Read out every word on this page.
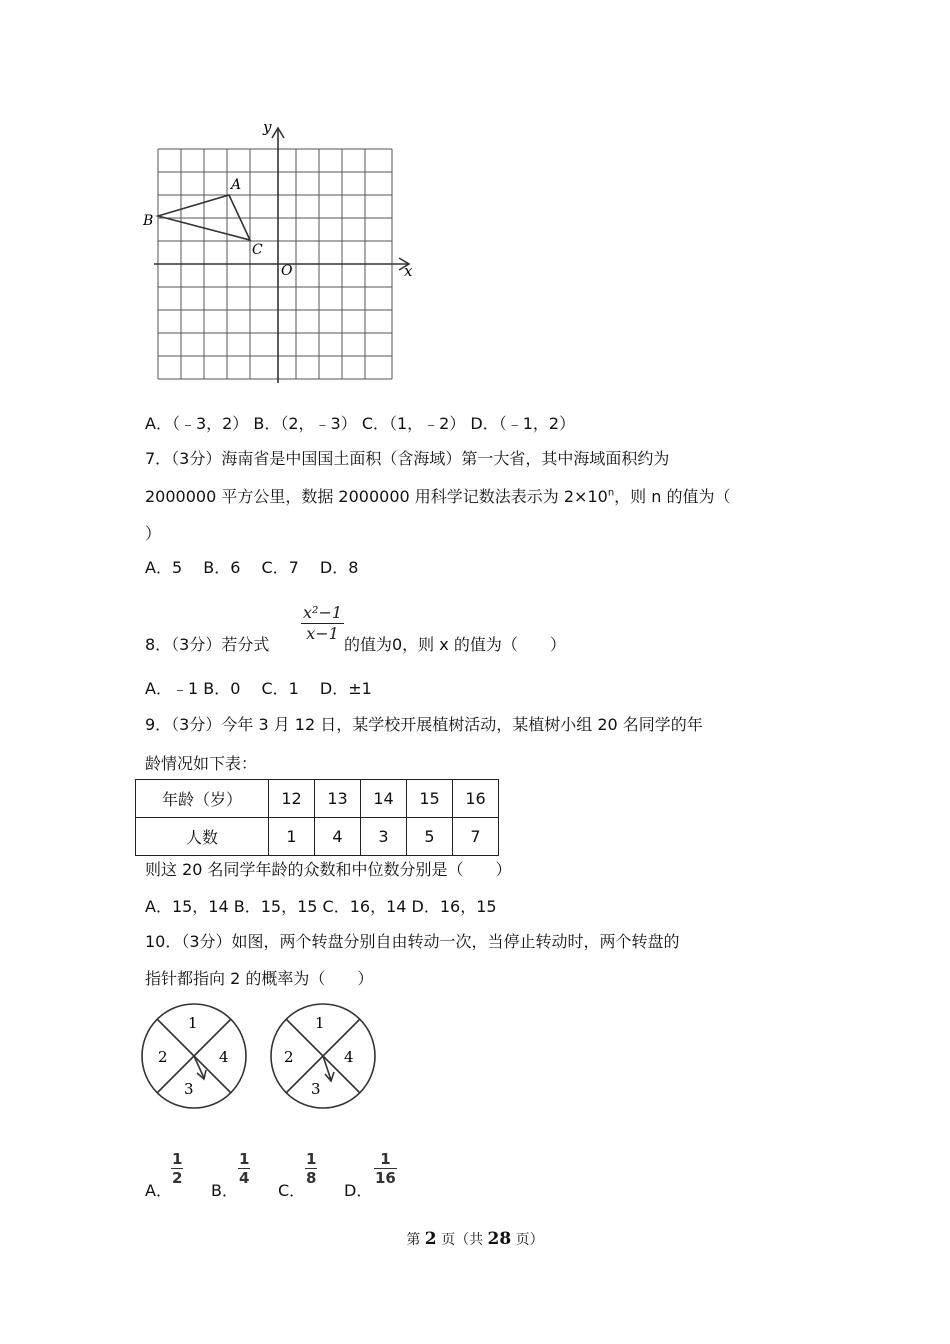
y
x
O
A
B
C
A．（﹣3，2） B．（2，﹣3） C．（1，﹣2） D．（﹣1，2）
7．（3分）海南省是中国国土面积（含海域）第一大省，其中海域面积约为
2000000 平方公里，数据 2000000 用科学记数法表示为 $2\times 10^n$，则 n 的值为（
）
A．5　 B．6　 C．7　 D．8
8．（3分）若分式
$\frac{\text{x²−1}}{x-1}$
的值为0，则 x 的值为（　　）
A．﹣1 B．0　 C．1　 D．±1
9．（3分）今年 3 月 12 日，某学校开展植树活动，某植树小组 20 名同学的年
龄情况如下表：
年龄（岁）	12	13	14	15	16
人数	1	4	3	5	7
则这 20 名同学年龄的众数和中位数分别是（　　）
A．15，14 B．15，15 C．16，14 D．16，15
10．（3分）如图，两个转盘分别自由转动一次，当停止转动时，两个转盘的
指针都指向 2 的概率为（　　）
1
2
3
4
1
2
3
4
A．
$\frac{1}{2}$
B．
$\frac{1}{4}$
C．
$\frac{1}{8}$
D．
$\frac{1}{16}$
第 2 页（共 28 页）
